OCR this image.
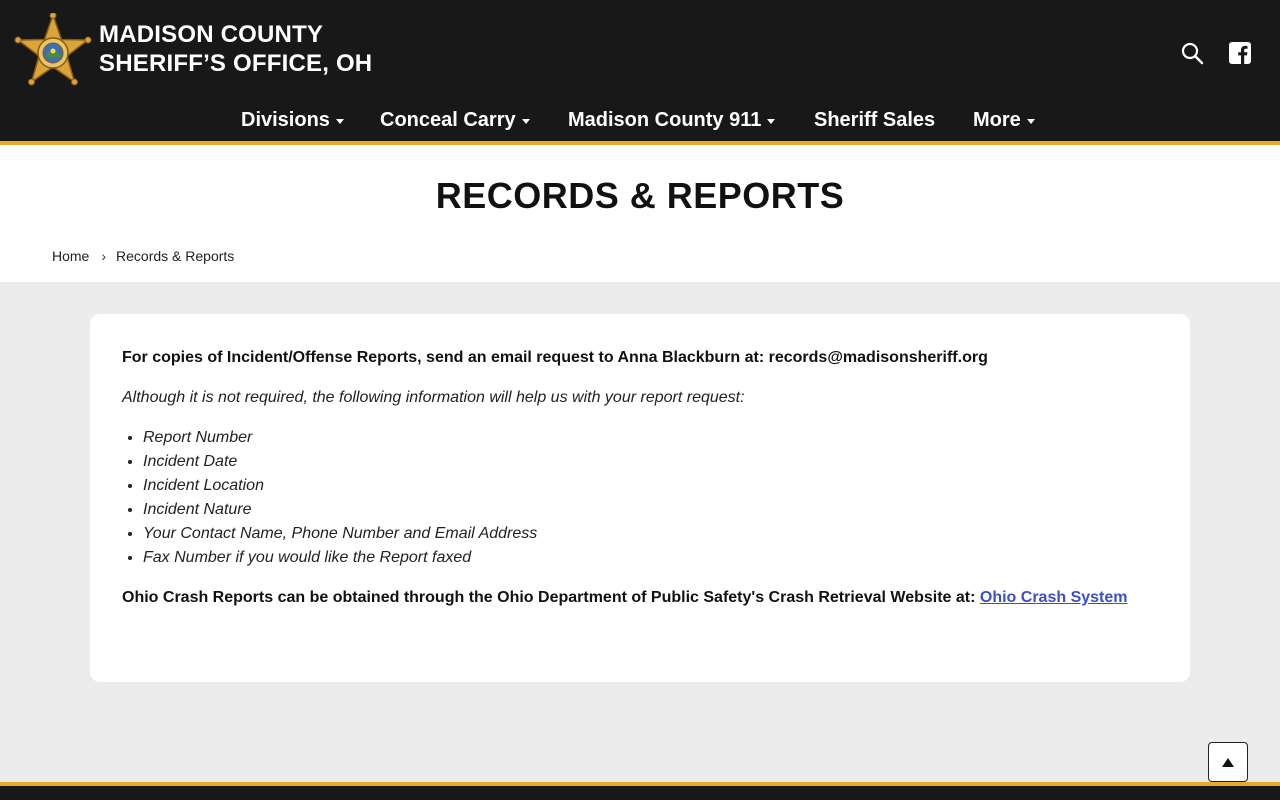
MADISON COUNTY
SHERIFF’S OFFICE, OH
Divisions	Conceal Carry	Madison County 911	Sheriff Sales More
RECORDS & REPORTS
Home › Records & Reports

For copies of Incident/Offense Reports, send an email request to Anna Blackburn at: records@madisonsheriff.org

Although it is not required, the following information will help us with your report request:

• Report Number
• Incident Date
• Incident Location
• Incident Nature
• Your Contact Name, Phone Number and Email Address
• Fax Number if you would like the Report faxed

Ohio Crash Reports can be obtained through the Ohio Department of Public Safety's Crash Retrieval Website at: Ohio Crash System
